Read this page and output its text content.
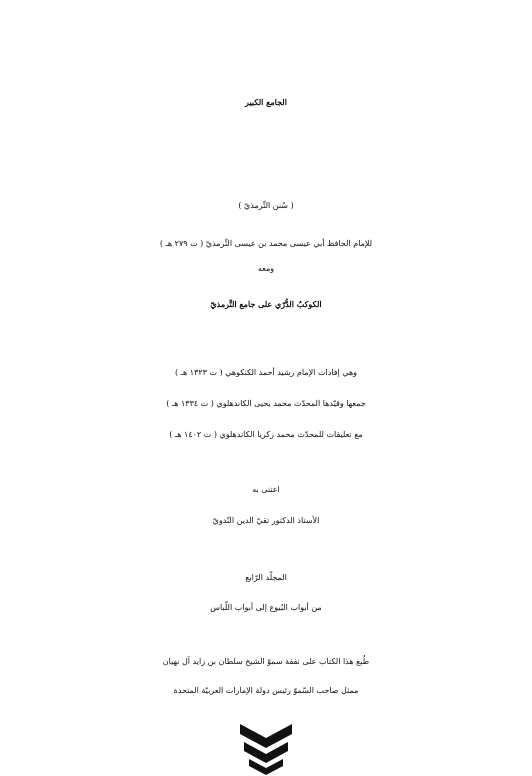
الجامع الكبير
( سُنن التِّرمذيّ )
للإمام الحافظ أبي عيسى محمد بن عيسى التِّرمذيّ ( ت ٢٧٩ هـ )
ومعه
الكوكبُ الدُّرّي على جامع التِّرمذيّ
وهي إفادات الإمام رشيد أحمد الكنكوهي ( ت ١٣٢٣ هـ )
جمعها وقيّدها المحدّث محمد يحيى الكاندهلوي ( ت ١٣٣٤ هـ )
مع تعليقات للمحدّث محمد زكريا الكاندهلوي ( ت ١٤٠٢ هـ )
اعتنى به
الأستاذ الدكتور تقيّ الدين النّدويّ
المجلّد الرّابع
من أبواب البُيوع إلى أبواب اللّباس
طُبع هذا الكتاب على نفقة سموّ الشيخ سلطان بن زايد آل نهيان
ممثل صاحب السّموّ رئيس دولة الإمارات العربيّة المتحدة
